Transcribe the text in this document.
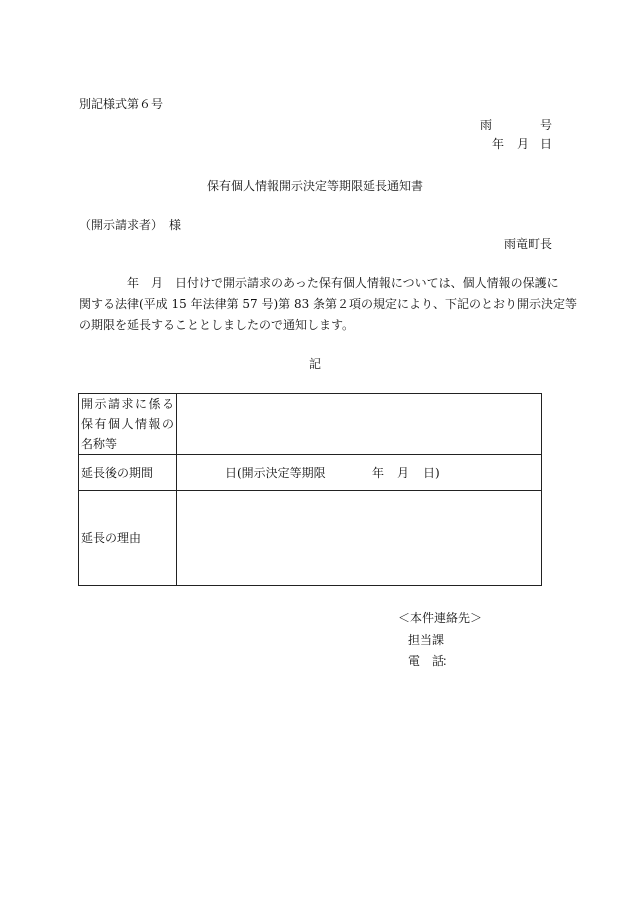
別記様式第６号
雨	号
年 月 日
保有個人情報開示決定等期限延長通知書
（開示請求者）　様
雨竜町長
年　月　日付けで開示請求のあった保有個人情報については、個人情報の保護に
関する法律(平成 15 年法律第 57 号)第 83 条第２項の規定により、下記のとおり開示決定等
の期限を延長することとしましたので通知します。
記
開示請求に係る
保有個人情報の
名称等	

延長後の期間	日 (開示決定等期限 年 月 日)

延長の理由	
＜本件連絡先＞
担当課
電　話：
